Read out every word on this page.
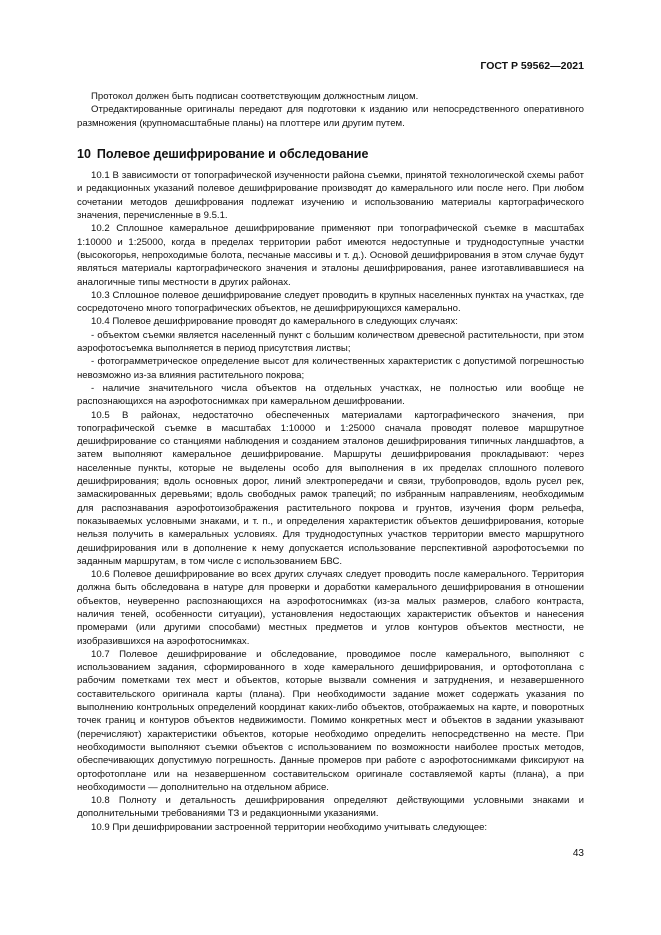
ГОСТ Р 59562—2021

Протокол должен быть подписан соответствующим должностным лицом.

Отредактированные оригиналы передают для подготовки к изданию или непосредственного оперативного размножения (крупномасштабные планы) на плоттере или другим путем.

10 Полевое дешифрирование и обследование

10.1 В зависимости от топографической изученности района съемки, принятой технологической схемы работ и редакционных указаний полевое дешифрирование производят до камерального или после него. При любом сочетании методов дешифрования подлежат изучению и использованию материалы картографического значения, перечисленные в 9.5.1.

10.2 Сплошное камеральное дешифрирование применяют при топографической съемке в масштабах 1:10000 и 1:25000, когда в пределах территории работ имеются недоступные и труднодоступные участки (высокогорья, непроходимые болота, песчаные массивы и т. д.). Основой дешифрирования в этом случае будут являться материалы картографического значения и эталоны дешифрирования, ранее изготавливавшиеся на аналогичные типы местности в других районах.

10.3 Сплошное полевое дешифрирование следует проводить в крупных населенных пунктах на участках, где сосредоточено много топографических объектов, не дешифрирующихся камерально.

10.4 Полевое дешифрирование проводят до камерального в следующих случаях:

- объектом съемки является населенный пункт с большим количеством древесной растительности, при этом аэрофотосъемка выполняется в период присутствия листвы;

- фотограмметрическое определение высот для количественных характеристик с допустимой погрешностью невозможно из-за влияния растительного покрова;

- наличие значительного числа объектов на отдельных участках, не полностью или вообще не распознающихся на аэрофотоснимках при камеральном дешифровании.

10.5 В районах, недостаточно обеспеченных материалами картографического значения, при топографической съемке в масштабах 1:10000 и 1:25000 сначала проводят полевое маршрутное дешифрирование со станциями наблюдения и созданием эталонов дешифрирования типичных ландшафтов, а затем выполняют камеральное дешифрирование. Маршруты дешифрирования прокладывают: через населенные пункты, которые не выделены особо для выполнения в их пределах сплошного полевого дешифрирования; вдоль основных дорог, линий электропередачи и связи, трубопроводов, вдоль русел рек, замаскированных деревьями; вдоль свободных рамок трапеций; по избранным направлениям, необходимым для распознавания аэрофотоизображения растительного покрова и грунтов, изучения форм рельефа, показываемых условными знаками, и т. п., и определения характеристик объектов дешифрирования, которые нельзя получить в камеральных условиях. Для труднодоступных участков территории вместо маршрутного дешифрирования или в дополнение к нему допускается использование перспективной аэрофотосъемки по заданным маршрутам, в том числе с использованием БВС.

10.6 Полевое дешифрирование во всех других случаях следует проводить после камерального. Территория должна быть обследована в натуре для проверки и доработки камерального дешифрирования в отношении объектов, неуверенно распознающихся на аэрофотоснимках (из-за малых размеров, слабого контраста, наличия теней, особенности ситуации), установления недостающих характеристик объектов и нанесения промерами (или другими способами) местных предметов и углов контуров объектов местности, не изобразившихся на аэрофотоснимках.

10.7 Полевое дешифрирование и обследование, проводимое после камерального, выполняют с использованием задания, сформированного в ходе камерального дешифрирования, и ортофотоплана с рабочим пометками тех мест и объектов, которые вызвали сомнения и затруднения, и незавершенного составительского оригинала карты (плана). При необходимости задание может содержать указания по выполнению контрольных определений координат каких-либо объектов, отображаемых на карте, и поворотных точек границ и контуров объектов недвижимости. Помимо конкретных мест и объектов в задании указывают (перечисляют) характеристики объектов, которые необходимо определить непосредственно на месте. При необходимости выполняют съемки объектов с использованием по возможности наиболее простых методов, обеспечивающих допустимую погрешность. Данные промеров при работе с аэрофотоснимками фиксируют на ортофотоплане или на незавершенном составительском оригинале составляемой карты (плана), а при необходимости — дополнительно на отдельном абрисе.

10.8 Полноту и детальность дешифрирования определяют действующими условными знаками и дополнительными требованиями ТЗ и редакционными указаниями.

10.9 При дешифрировании застроенной территории необходимо учитывать следующее:

43
